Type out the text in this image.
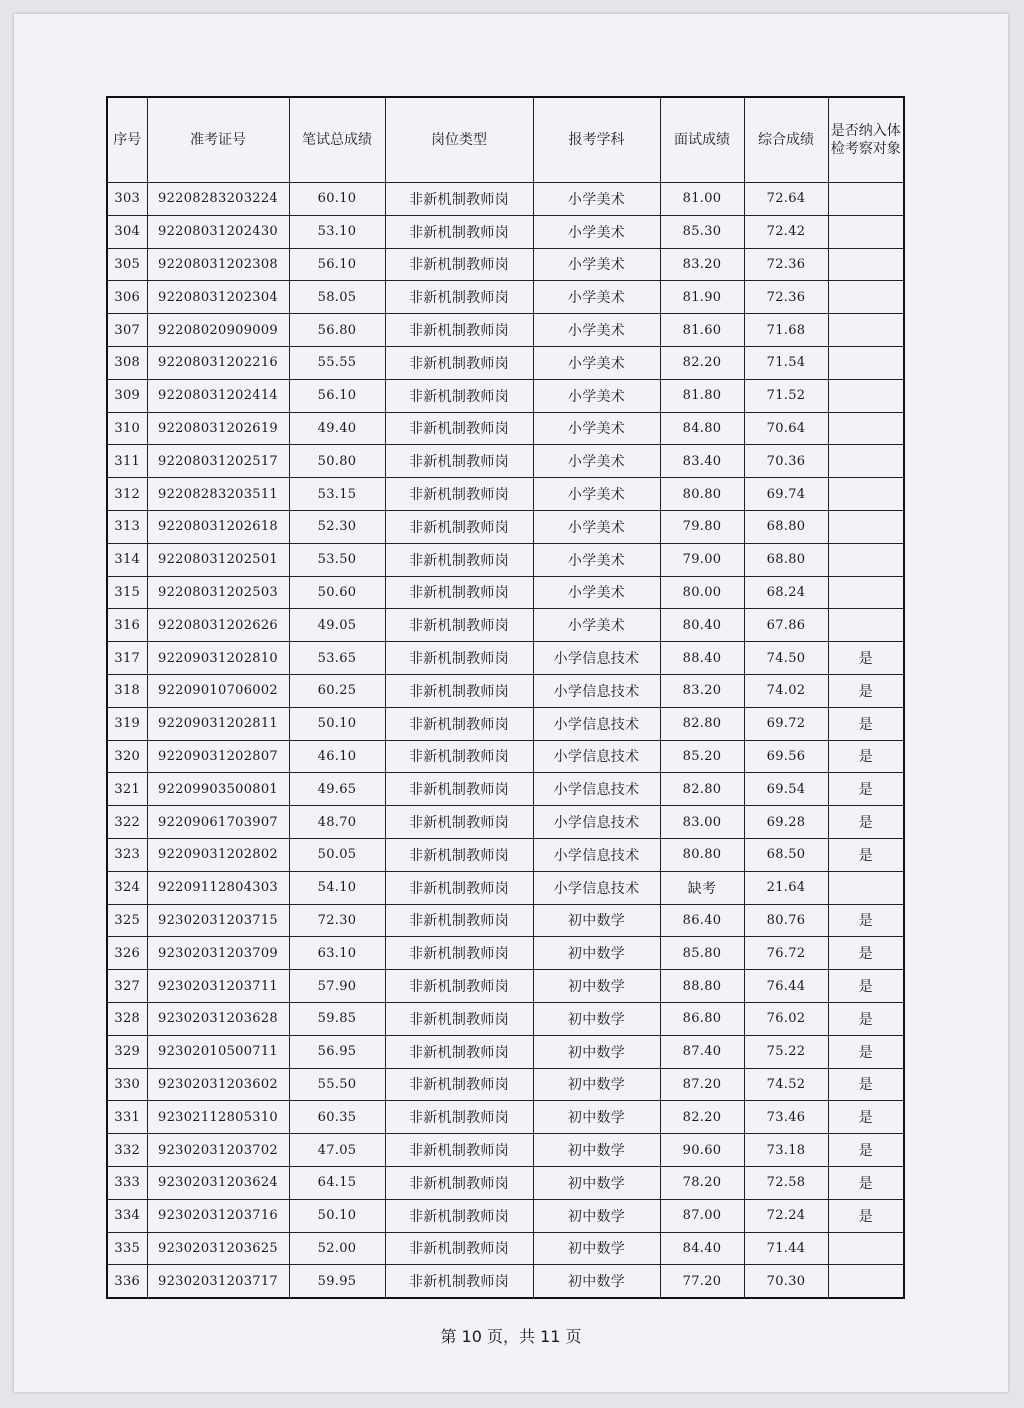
序号	准考证号	笔试总成绩	岗位类型	报考学科	面试成绩	综合成绩	是否纳入体检考察对象
303	92208283203224	60.10	非新机制教师岗	小学美术	81.00	72.64	
304	92208031202430	53.10	非新机制教师岗	小学美术	85.30	72.42	
305	92208031202308	56.10	非新机制教师岗	小学美术	83.20	72.36	
306	92208031202304	58.05	非新机制教师岗	小学美术	81.90	72.36	
307	92208020909009	56.80	非新机制教师岗	小学美术	81.60	71.68	
308	92208031202216	55.55	非新机制教师岗	小学美术	82.20	71.54	
309	92208031202414	56.10	非新机制教师岗	小学美术	81.80	71.52	
310	92208031202619	49.40	非新机制教师岗	小学美术	84.80	70.64	
311	92208031202517	50.80	非新机制教师岗	小学美术	83.40	70.36	
312	92208283203511	53.15	非新机制教师岗	小学美术	80.80	69.74	
313	92208031202618	52.30	非新机制教师岗	小学美术	79.80	68.80	
314	92208031202501	53.50	非新机制教师岗	小学美术	79.00	68.80	
315	92208031202503	50.60	非新机制教师岗	小学美术	80.00	68.24	
316	92208031202626	49.05	非新机制教师岗	小学美术	80.40	67.86	
317	92209031202810	53.65	非新机制教师岗	小学信息技术	88.40	74.50	是
318	92209010706002	60.25	非新机制教师岗	小学信息技术	83.20	74.02	是
319	92209031202811	50.10	非新机制教师岗	小学信息技术	82.80	69.72	是
320	92209031202807	46.10	非新机制教师岗	小学信息技术	85.20	69.56	是
321	92209903500801	49.65	非新机制教师岗	小学信息技术	82.80	69.54	是
322	92209061703907	48.70	非新机制教师岗	小学信息技术	83.00	69.28	是
323	92209031202802	50.05	非新机制教师岗	小学信息技术	80.80	68.50	是
324	92209112804303	54.10	非新机制教师岗	小学信息技术	缺考	21.64	
325	92302031203715	72.30	非新机制教师岗	初中数学	86.40	80.76	是
326	92302031203709	63.10	非新机制教师岗	初中数学	85.80	76.72	是
327	92302031203711	57.90	非新机制教师岗	初中数学	88.80	76.44	是
328	92302031203628	59.85	非新机制教师岗	初中数学	86.80	76.02	是
329	92302010500711	56.95	非新机制教师岗	初中数学	87.40	75.22	是
330	92302031203602	55.50	非新机制教师岗	初中数学	87.20	74.52	是
331	92302112805310	60.35	非新机制教师岗	初中数学	82.20	73.46	是
332	92302031203702	47.05	非新机制教师岗	初中数学	90.60	73.18	是
333	92302031203624	64.15	非新机制教师岗	初中数学	78.20	72.58	是
334	92302031203716	50.10	非新机制教师岗	初中数学	87.00	72.24	是
335	92302031203625	52.00	非新机制教师岗	初中数学	84.40	71.44	
336	92302031203717	59.95	非新机制教师岗	初中数学	77.20	70.30	
第 10 页，共 11 页
